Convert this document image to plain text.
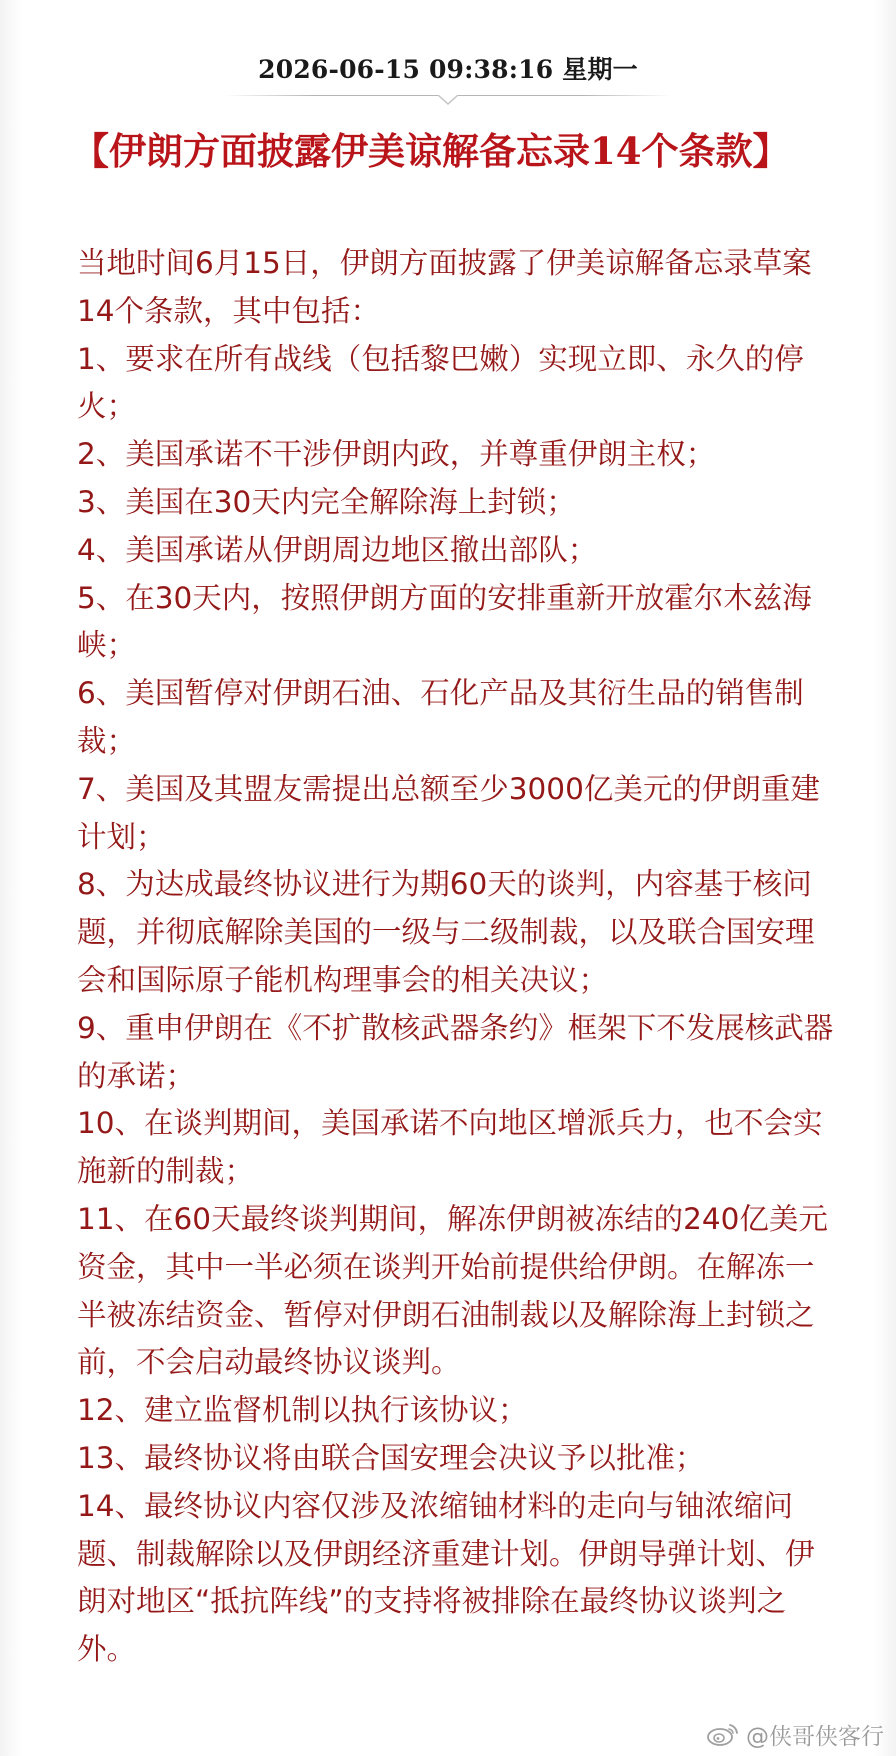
2026-06-15 09:38:16 星期一
【伊朗方面披露伊美谅解备忘录14个条款】

当地时间6月15日，伊朗方面披露了伊美谅解备忘录草案14个条款，其中包括：

1、要求在所有战线（包括黎巴嫩）实现立即、永久的停火；

2、美国承诺不干涉伊朗内政，并尊重伊朗主权；

3、美国在30天内完全解除海上封锁；

4、美国承诺从伊朗周边地区撤出部队；

5、在30天内，按照伊朗方面的安排重新开放霍尔木兹海峡；

6、美国暂停对伊朗石油、石化产品及其衍生品的销售制裁；

7、美国及其盟友需提出总额至少3000亿美元的伊朗重建计划；

8、为达成最终协议进行为期60天的谈判，内容基于核问题，并彻底解除美国的一级与二级制裁，以及联合国安理会和国际原子能机构理事会的相关决议；

9、重申伊朗在《不扩散核武器条约》框架下不发展核武器的承诺；

10、在谈判期间，美国承诺不向地区增派兵力，也不会实施新的制裁；

11、在60天最终谈判期间，解冻伊朗被冻结的240亿美元资金，其中一半必须在谈判开始前提供给伊朗。在解冻一半被冻结资金、暂停对伊朗石油制裁以及解除海上封锁之前，不会启动最终协议谈判。

12、建立监督机制以执行该协议；

13、最终协议将由联合国安理会决议予以批准；

14、最终协议内容仅涉及浓缩铀材料的走向与铀浓缩问题、制裁解除以及伊朗经济重建计划。伊朗导弹计划、伊朗对地区“抵抗阵线”的支持将被排除在最终协议谈判之外。

@侠哥侠客行
